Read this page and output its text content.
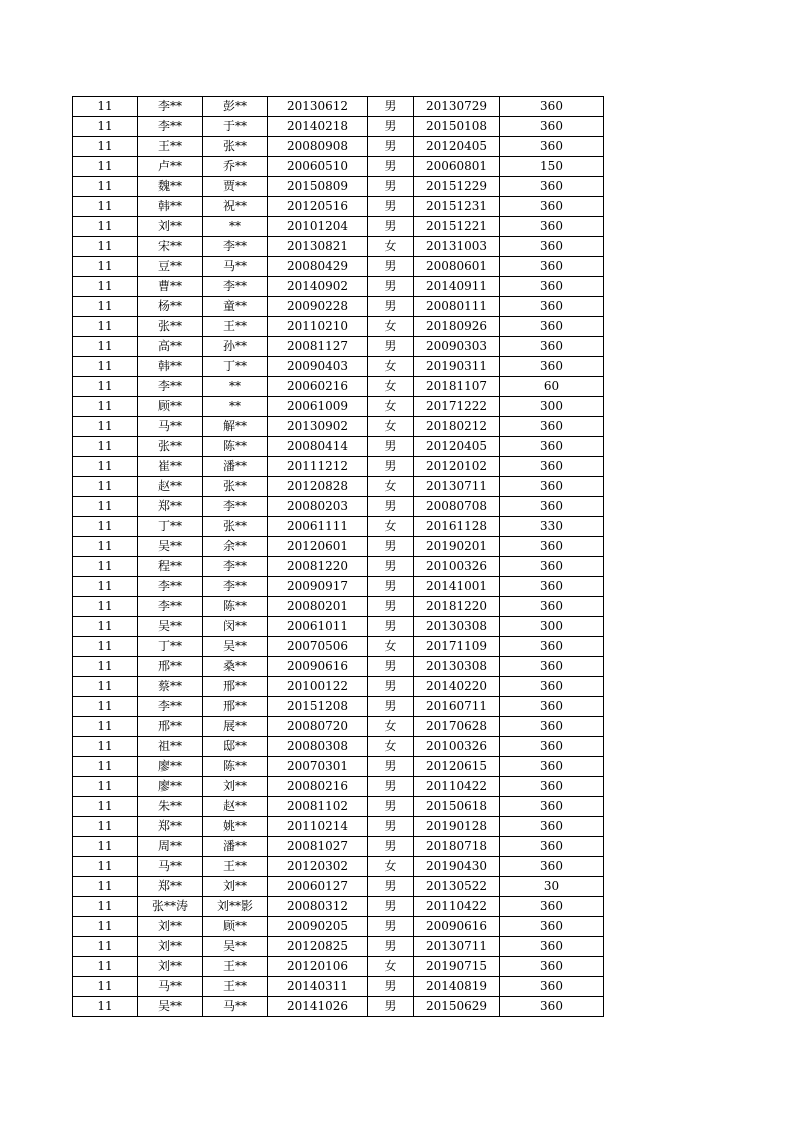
11	李**	彭**	20130612	男	20130729	360
11	李**	于**	20140218	男	20150108	360
11	王**	张**	20080908	男	20120405	360
11	卢**	乔**	20060510	男	20060801	150
11	魏**	贾**	20150809	男	20151229	360
11	韩**	祝**	20120516	男	20151231	360
11	刘**	**	20101204	男	20151221	360
11	宋**	李**	20130821	女	20131003	360
11	豆**	马**	20080429	男	20080601	360
11	曹**	李**	20140902	男	20140911	360
11	杨**	童**	20090228	男	20080111	360
11	张**	王**	20110210	女	20180926	360
11	高**	孙**	20081127	男	20090303	360
11	韩**	丁**	20090403	女	20190311	360
11	李**	**	20060216	女	20181107	60
11	顾**	**	20061009	女	20171222	300
11	马**	解**	20130902	女	20180212	360
11	张**	陈**	20080414	男	20120405	360
11	崔**	潘**	20111212	男	20120102	360
11	赵**	张**	20120828	女	20130711	360
11	郑**	李**	20080203	男	20080708	360
11	丁**	张**	20061111	女	20161128	330
11	吴**	余**	20120601	男	20190201	360
11	程**	李**	20081220	男	20100326	360
11	李**	李**	20090917	男	20141001	360
11	李**	陈**	20080201	男	20181220	360
11	吴**	闵**	20061011	男	20130308	300
11	丁**	吴**	20070506	女	20171109	360
11	邢**	桑**	20090616	男	20130308	360
11	蔡**	邢**	20100122	男	20140220	360
11	李**	邢**	20151208	男	20160711	360
11	邢**	展**	20080720	女	20170628	360
11	祖**	邸**	20080308	女	20100326	360
11	廖**	陈**	20070301	男	20120615	360
11	廖**	刘**	20080216	男	20110422	360
11	朱**	赵**	20081102	男	20150618	360
11	郑**	姚**	20110214	男	20190128	360
11	周**	潘**	20081027	男	20180718	360
11	马**	王**	20120302	女	20190430	360
11	郑**	刘**	20060127	男	20130522	30
11	张**涛	刘**影	20080312	男	20110422	360
11	刘**	顾**	20090205	男	20090616	360
11	刘**	吴**	20120825	男	20130711	360
11	刘**	王**	20120106	女	20190715	360
11	马**	王**	20140311	男	20140819	360
11	吴**	马**	20141026	男	20150629	360
